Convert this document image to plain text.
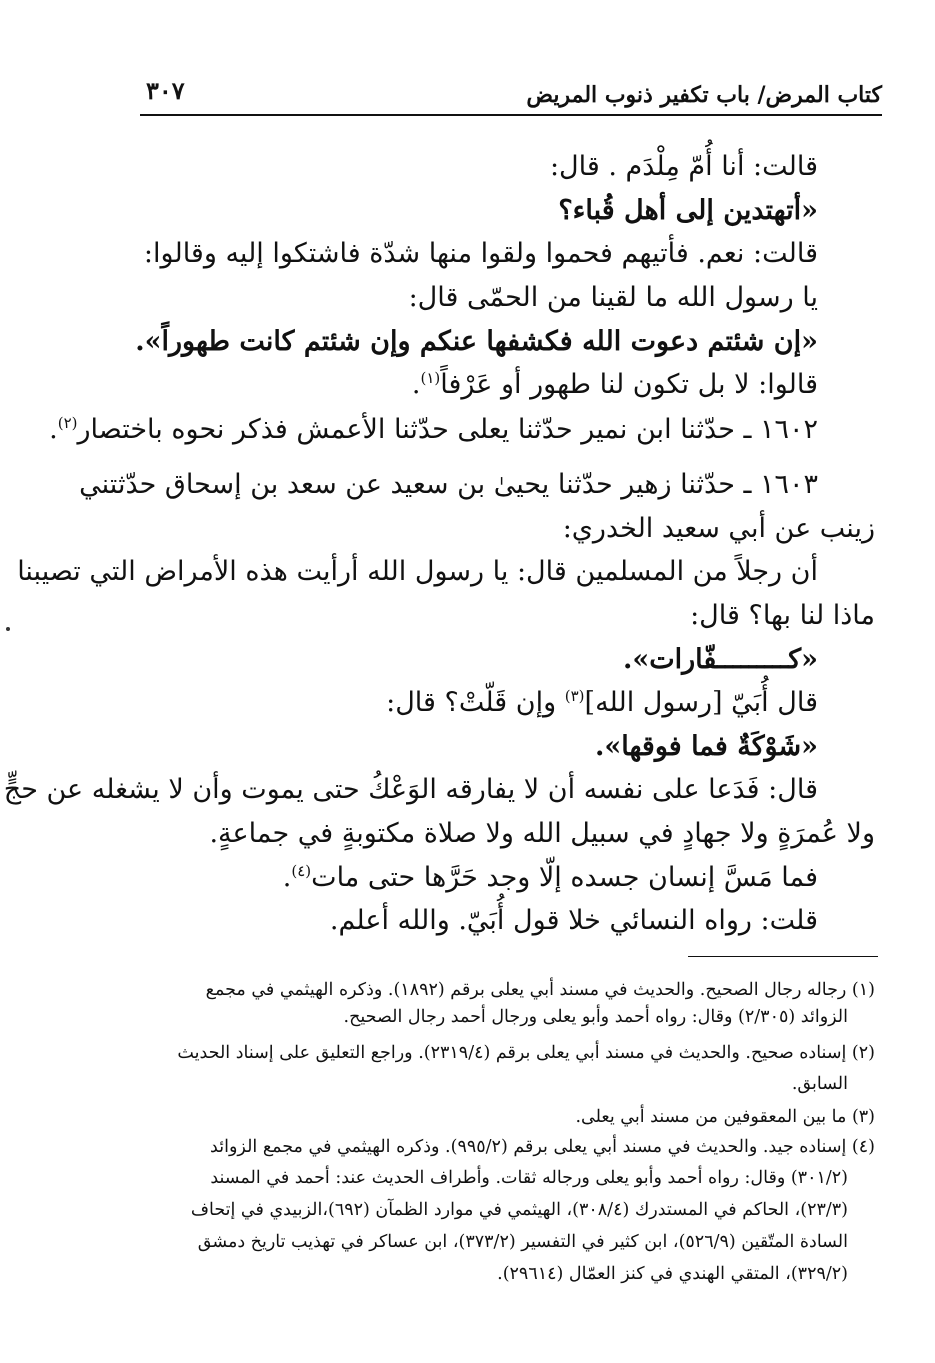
كتاب المرض/ باب تكفير ذنوب المريض
٣٠٧
قالت: أنا أُمّ مِلْدَم . قال:
«أتهتدين إلى أهل قُباء؟
قالت: نعم. فأتيهم فحموا ولقوا منها شدّة فاشتكوا إليه وقالوا:
يا رسول الله ما لقينا من الحمّى قال:
«إن شئتم دعوت الله فكشفها عنكم وإن شئتم كانت طهوراً».
قالوا: لا بل تكون لنا طهور أو عَرْفاً$^{(١)}$.
١٦٠٢ ـ حدّثنا ابن نمير حدّثنا يعلى حدّثنا الأعمش فذكر نحوه باختصار$^{(٢)}$.
١٦٠٣ ـ حدّثنا زهير حدّثنا يحيىٰ بن سعيد عن سعد بن إسحاق حدّثتني
زينب عن أبي سعيد الخدري:
أن رجلاً من المسلمين قال: يا رسول الله أرأيت هذه الأمراض التي تصيبنا
ماذا لنا بها؟ قال:
«كـــــــــفّارات».
قال أُبَيّ [رسول الله]$^{(٣)}$ وإن قَلّتْ؟ قال:
«شَوْكَةٌ فما فوقها».
قال: فَدَعا على نفسه أن لا يفارقه الوَعْكُ حتى يموت وأن لا يشغله عن حجٍّ
ولا عُمرَةٍ ولا جهادٍ في سبيل الله ولا صلاة مكتوبةٍ في جماعةٍ.
فما مَسَّ إنسان جسده إلّا وجد حَرَّها حتى مات$^{(٤)}$.
قلت: رواه النسائي خلا قول أُبَيّ. والله أعلم.
(١) رجاله رجال الصحيح. والحديث في مسند أبي يعلى برقم (١٨٩٢). وذكره الهيثمي في مجمع
الزوائد (٢/٣٠٥) وقال: رواه أحمد وأبو يعلى ورجال أحمد رجال الصحيح.
(٢) إسناده صحيح. والحديث في مسند أبي يعلى برقم (٢٣١٩/٤). وراجع التعليق على إسناد الحديث
السابق.
(٣) ما بين المعقوفين من مسند أبي يعلى.
(٤) إسناده جيد. والحديث في مسند أبي يعلى برقم (٩٩٥/٢). وذكره الهيثمي في مجمع الزوائد
(٣٠١/٢) وقال: رواه أحمد وأبو يعلى ورجاله ثقات. وأطراف الحديث عند: أحمد في المسند
(٢٣/٣)، الحاكم في المستدرك (٣٠٨/٤)، الهيثمي في موارد الظمآن (٦٩٢)،الزبيدي في إتحاف
السادة المتّقين (٥٢٦/٩)، ابن كثير في التفسير (٣٧٣/٢)، ابن عساكر في تهذيب تاريخ دمشق
(٣٢٩/٢)، المتقي الهندي في كنز العمّال (٢٩٦١٤).
